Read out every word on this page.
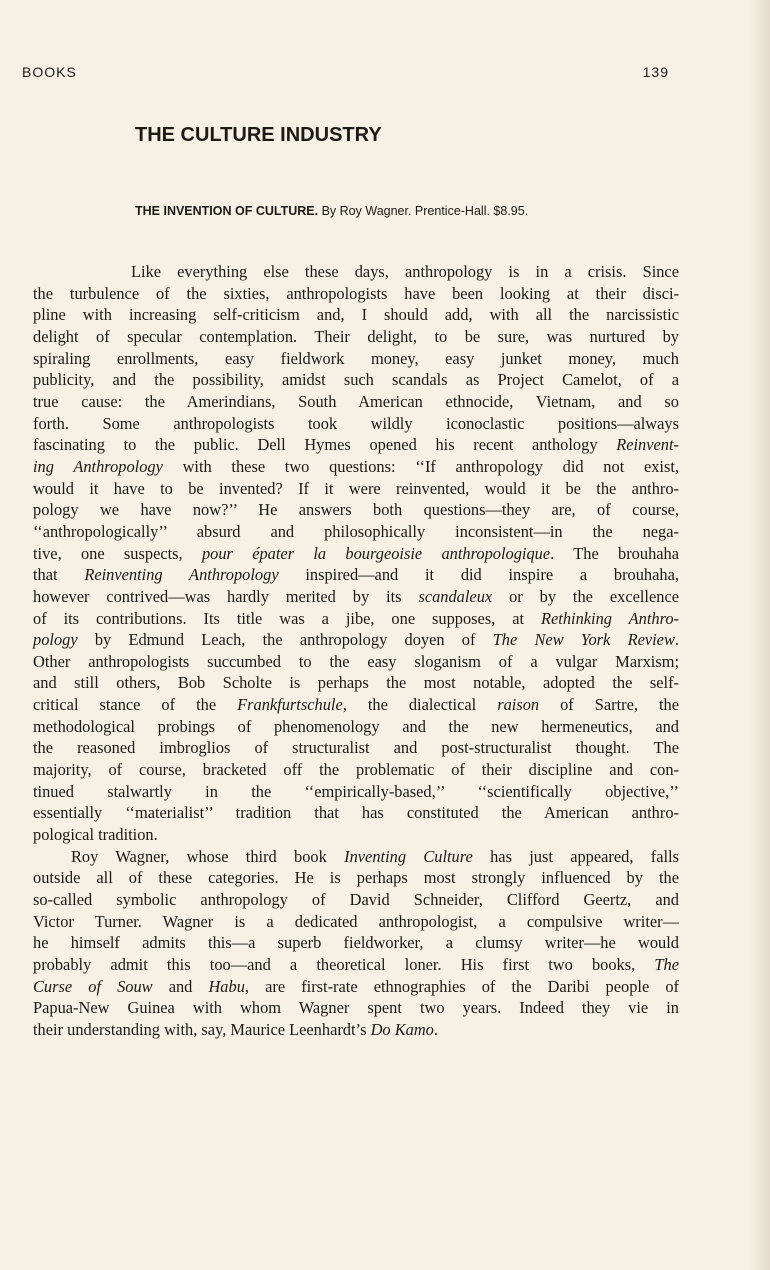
BOOKS	139
THE CULTURE INDUSTRY
THE INVENTION OF CULTURE. By Roy Wagner. Prentice-Hall. $8.95.
Like everything else these days, anthropology is in a crisis. Since
the turbulence of the sixties, anthropologists have been looking at their disci-
pline with increasing self-criticism and, I should add, with all the narcissistic
delight of specular contemplation. Their delight, to be sure, was nurtured by
spiraling enrollments, easy fieldwork money, easy junket money, much
publicity, and the possibility, amidst such scandals as Project Camelot, of a
true cause: the Amerindians, South American ethnocide, Vietnam, and so
forth. Some anthropologists took wildly iconoclastic positions—always
fascinating to the public. Dell Hymes opened his recent anthology Reinvent-
ing Anthropology with these two questions: ‘‘If anthropology did not exist,
would it have to be invented? If it were reinvented, would it be the anthro-
pology we have now?’’ He answers both questions—they are, of course,
‘‘anthropologically’’ absurd and philosophically inconsistent—in the nega-
tive, one suspects, pour épater la bourgeoisie anthropologique. The brouhaha
that Reinventing Anthropology inspired—and it did inspire a brouhaha,
however contrived—was hardly merited by its scandaleux or by the excellence
of its contributions. Its title was a jibe, one supposes, at Rethinking Anthro-
pology by Edmund Leach, the anthropology doyen of The New York Review.
Other anthropologists succumbed to the easy sloganism of a vulgar Marxism;
and still others, Bob Scholte is perhaps the most notable, adopted the self-
critical stance of the Frankfurtschule, the dialectical raison of Sartre, the
methodological probings of phenomenology and the new hermeneutics, and
the reasoned imbroglios of structuralist and post-structuralist thought. The
majority, of course, bracketed off the problematic of their discipline and con-
tinued stalwartly in the ‘‘empirically-based,’’ ‘‘scientifically objective,’’
essentially ‘‘materialist’’ tradition that has constituted the American anthro-
pological tradition.
Roy Wagner, whose third book Inventing Culture has just appeared, falls
outside all of these categories. He is perhaps most strongly influenced by the
so-called symbolic anthropology of David Schneider, Clifford Geertz, and
Victor Turner. Wagner is a dedicated anthropologist, a compulsive writer—
he himself admits this—a superb fieldworker, a clumsy writer—he would
probably admit this too—and a theoretical loner. His first two books, The
Curse of Souw and Habu, are first-rate ethnographies of the Daribi people of
Papua-New Guinea with whom Wagner spent two years. Indeed they vie in
their understanding with, say, Maurice Leenhardt’s Do Kamo.
